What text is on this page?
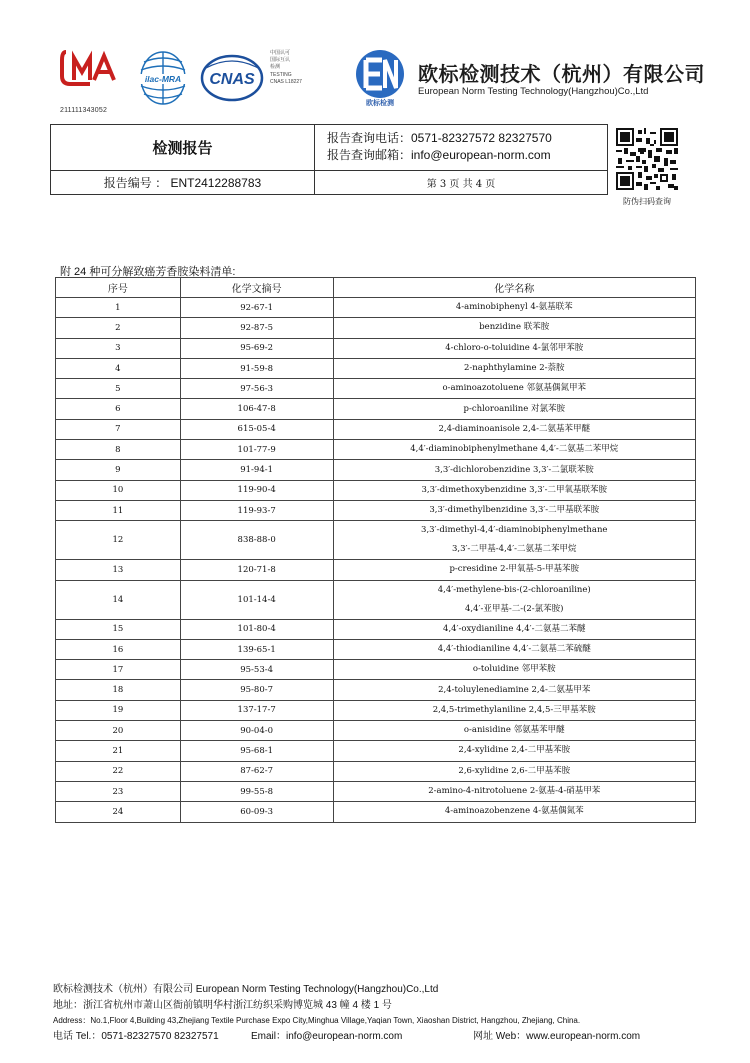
MA
211111343052
ilac-MRA CNAS
中国认可
国际互认
检测
TESTING
CNAS L18227
欧标检测
欧标检测技术（杭州）有限公司
European Norm Testing Technology(Hangzhou)Co.,Ltd
检测报告
报告查询电话：0571-82327572 82327570
报告查询邮箱：info@european-norm.com
报告编号 ： ENT2412288783	第 3 页 共 4 页
防伪扫码查询
附 24 种可分解致癌芳香胺染料清单:
序号	化学文摘号	化学名称
1	92-67-1	4-aminobiphenyl 4-氨基联苯

2	92-87-5	benzidine 联苯胺

3	95-69-2	4-chloro-o-toluidine 4-氯邻甲苯胺

4	91-59-8	2-naphthylamine 2-萘胺

5	97-56-3	o-aminoazotoluene 邻氨基偶氮甲苯

6	106-47-8	p-chloroaniline 对氯苯胺

7	615-05-4	2,4-diaminoanisole 2,4-二氨基苯甲醚

8	101-77-9	4,4′-diaminobiphenylmethane 4,4′-二氨基二苯甲烷

9	91-94-1	3,3′-dichlorobenzidine 3,3′-二氯联苯胺

10	119-90-4	3,3′-dimethoxybenzidine 3,3′-二甲氧基联苯胺

11	119-93-7	3,3′-dimethylbenzidine 3,3′-二甲基联苯胺

12	838-88-0	3,3′-dimethyl-4,4′-diaminobiphenylmethane
3,3′-二甲基-4,4′-二氨基二苯甲烷

13	120-71-8	p-cresidine 2-甲氧基-5-甲基苯胺

14	101-14-4	4,4′-methylene-bis-(2-chloroaniline)
4,4′-亚甲基-二-(2-氯苯胺)

15	101-80-4	4,4′-oxydianiline 4,4′-二氨基二苯醚

16	139-65-1	4,4′-thiodianiline 4,4′-二氨基二苯硫醚

17	95-53-4	o-toluidine 邻甲苯胺

18	95-80-7	2,4-toluylenediamine 2,4-二氨基甲苯

19	137-17-7	2,4,5-trimethylaniline 2,4,5-三甲基苯胺

20	90-04-0	o-anisidine 邻氨基苯甲醚

21	95-68-1	2,4-xylidine 2,4-二甲基苯胺

22	87-62-7	2,6-xylidine 2,6-二甲基苯胺

23	99-55-8	2-amino-4-nitrotoluene 2-氨基-4-硝基甲苯

24	60-09-3	4-aminoazobenzene 4-氨基偶氮苯
欧标检测技术（杭州）有限公司 European Norm Testing Technology(Hangzhou)Co.,Ltd
地址：浙江省杭州市萧山区衙前镇明华村浙江纺织采购博览城 43 幢 4 楼 1 号
Address：No.1,Floor 4,Building 43,Zhejiang Textile Purchase Expo City,Minghua Village,Yaqian Town, Xiaoshan District, Hangzhou, Zhejiang, China.
电话 Tel.：0571-82327570 82327571	Email：info@european-norm.com	网址 Web：www.european-norm.com
